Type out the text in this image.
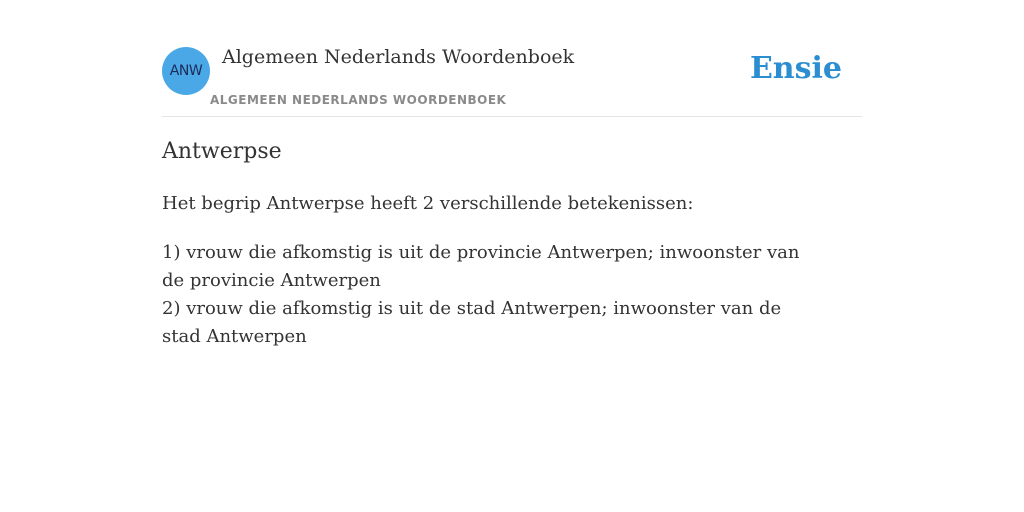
ANW
Algemeen Nederlands Woordenboek
ALGEMEEN NEDERLANDS WOORDENBOEK
Ensie
Antwerpse

Het begrip Antwerpse heeft 2 verschillende betekenissen:

1) vrouw die afkomstig is uit de provincie Antwerpen; inwoonster van de provincie Antwerpen
2) vrouw die afkomstig is uit de stad Antwerpen; inwoonster van de stad Antwerpen
